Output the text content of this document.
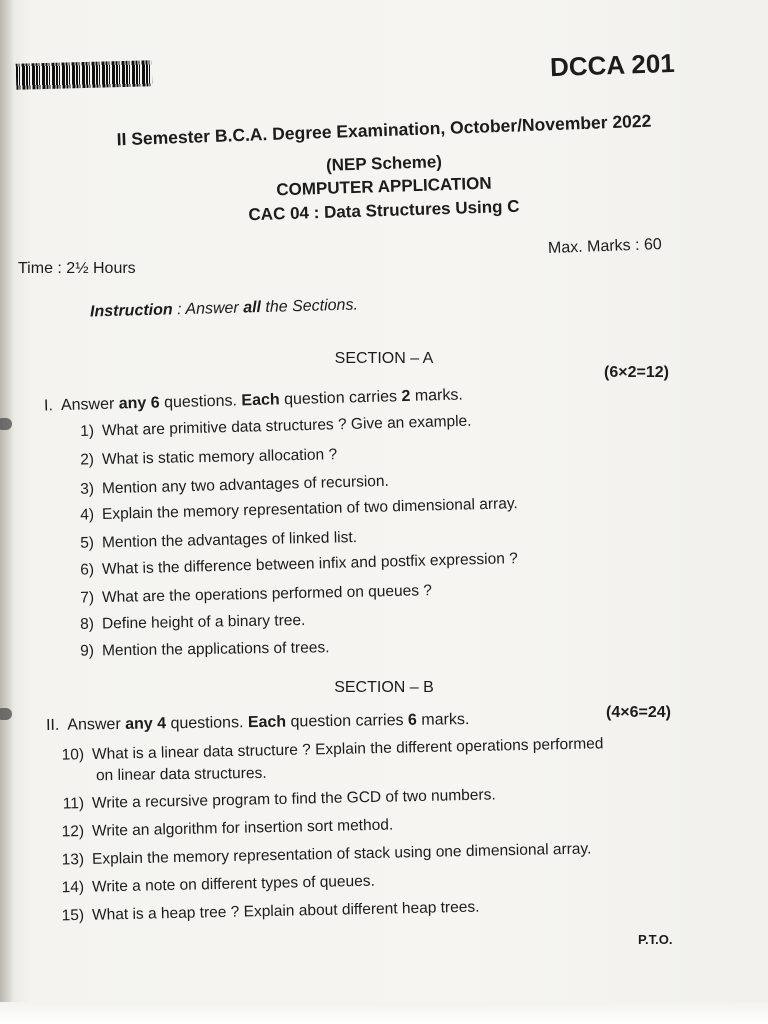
DCCA 201
II Semester B.C.A. Degree Examination, October/November 2022
(NEP Scheme)
COMPUTER APPLICATION
CAC 04 : Data Structures Using C
Time : 2½ Hours
Max. Marks : 60
Instruction : Answer all the Sections.
SECTION – A
(6×2=12)
I. Answer any 6 questions. Each question carries 2 marks.
1) What are primitive data structures ? Give an example.
2) What is static memory allocation ?
3) Mention any two advantages of recursion.
4) Explain the memory representation of two dimensional array.
5) Mention the advantages of linked list.
6) What is the difference between infix and postfix expression ?
7) What are the operations performed on queues ?
8) Define height of a binary tree.
9) Mention the applications of trees.
SECTION – B
(4×6=24)
II. Answer any 4 questions. Each question carries 6 marks.
10) What is a linear data structure ? Explain the different operations performed
on linear data structures.
11) Write a recursive program to find the GCD of two numbers.
12) Write an algorithm for insertion sort method.
13) Explain the memory representation of stack using one dimensional array.
14) Write a note on different types of queues.
15) What is a heap tree ? Explain about different heap trees.
P.T.O.
